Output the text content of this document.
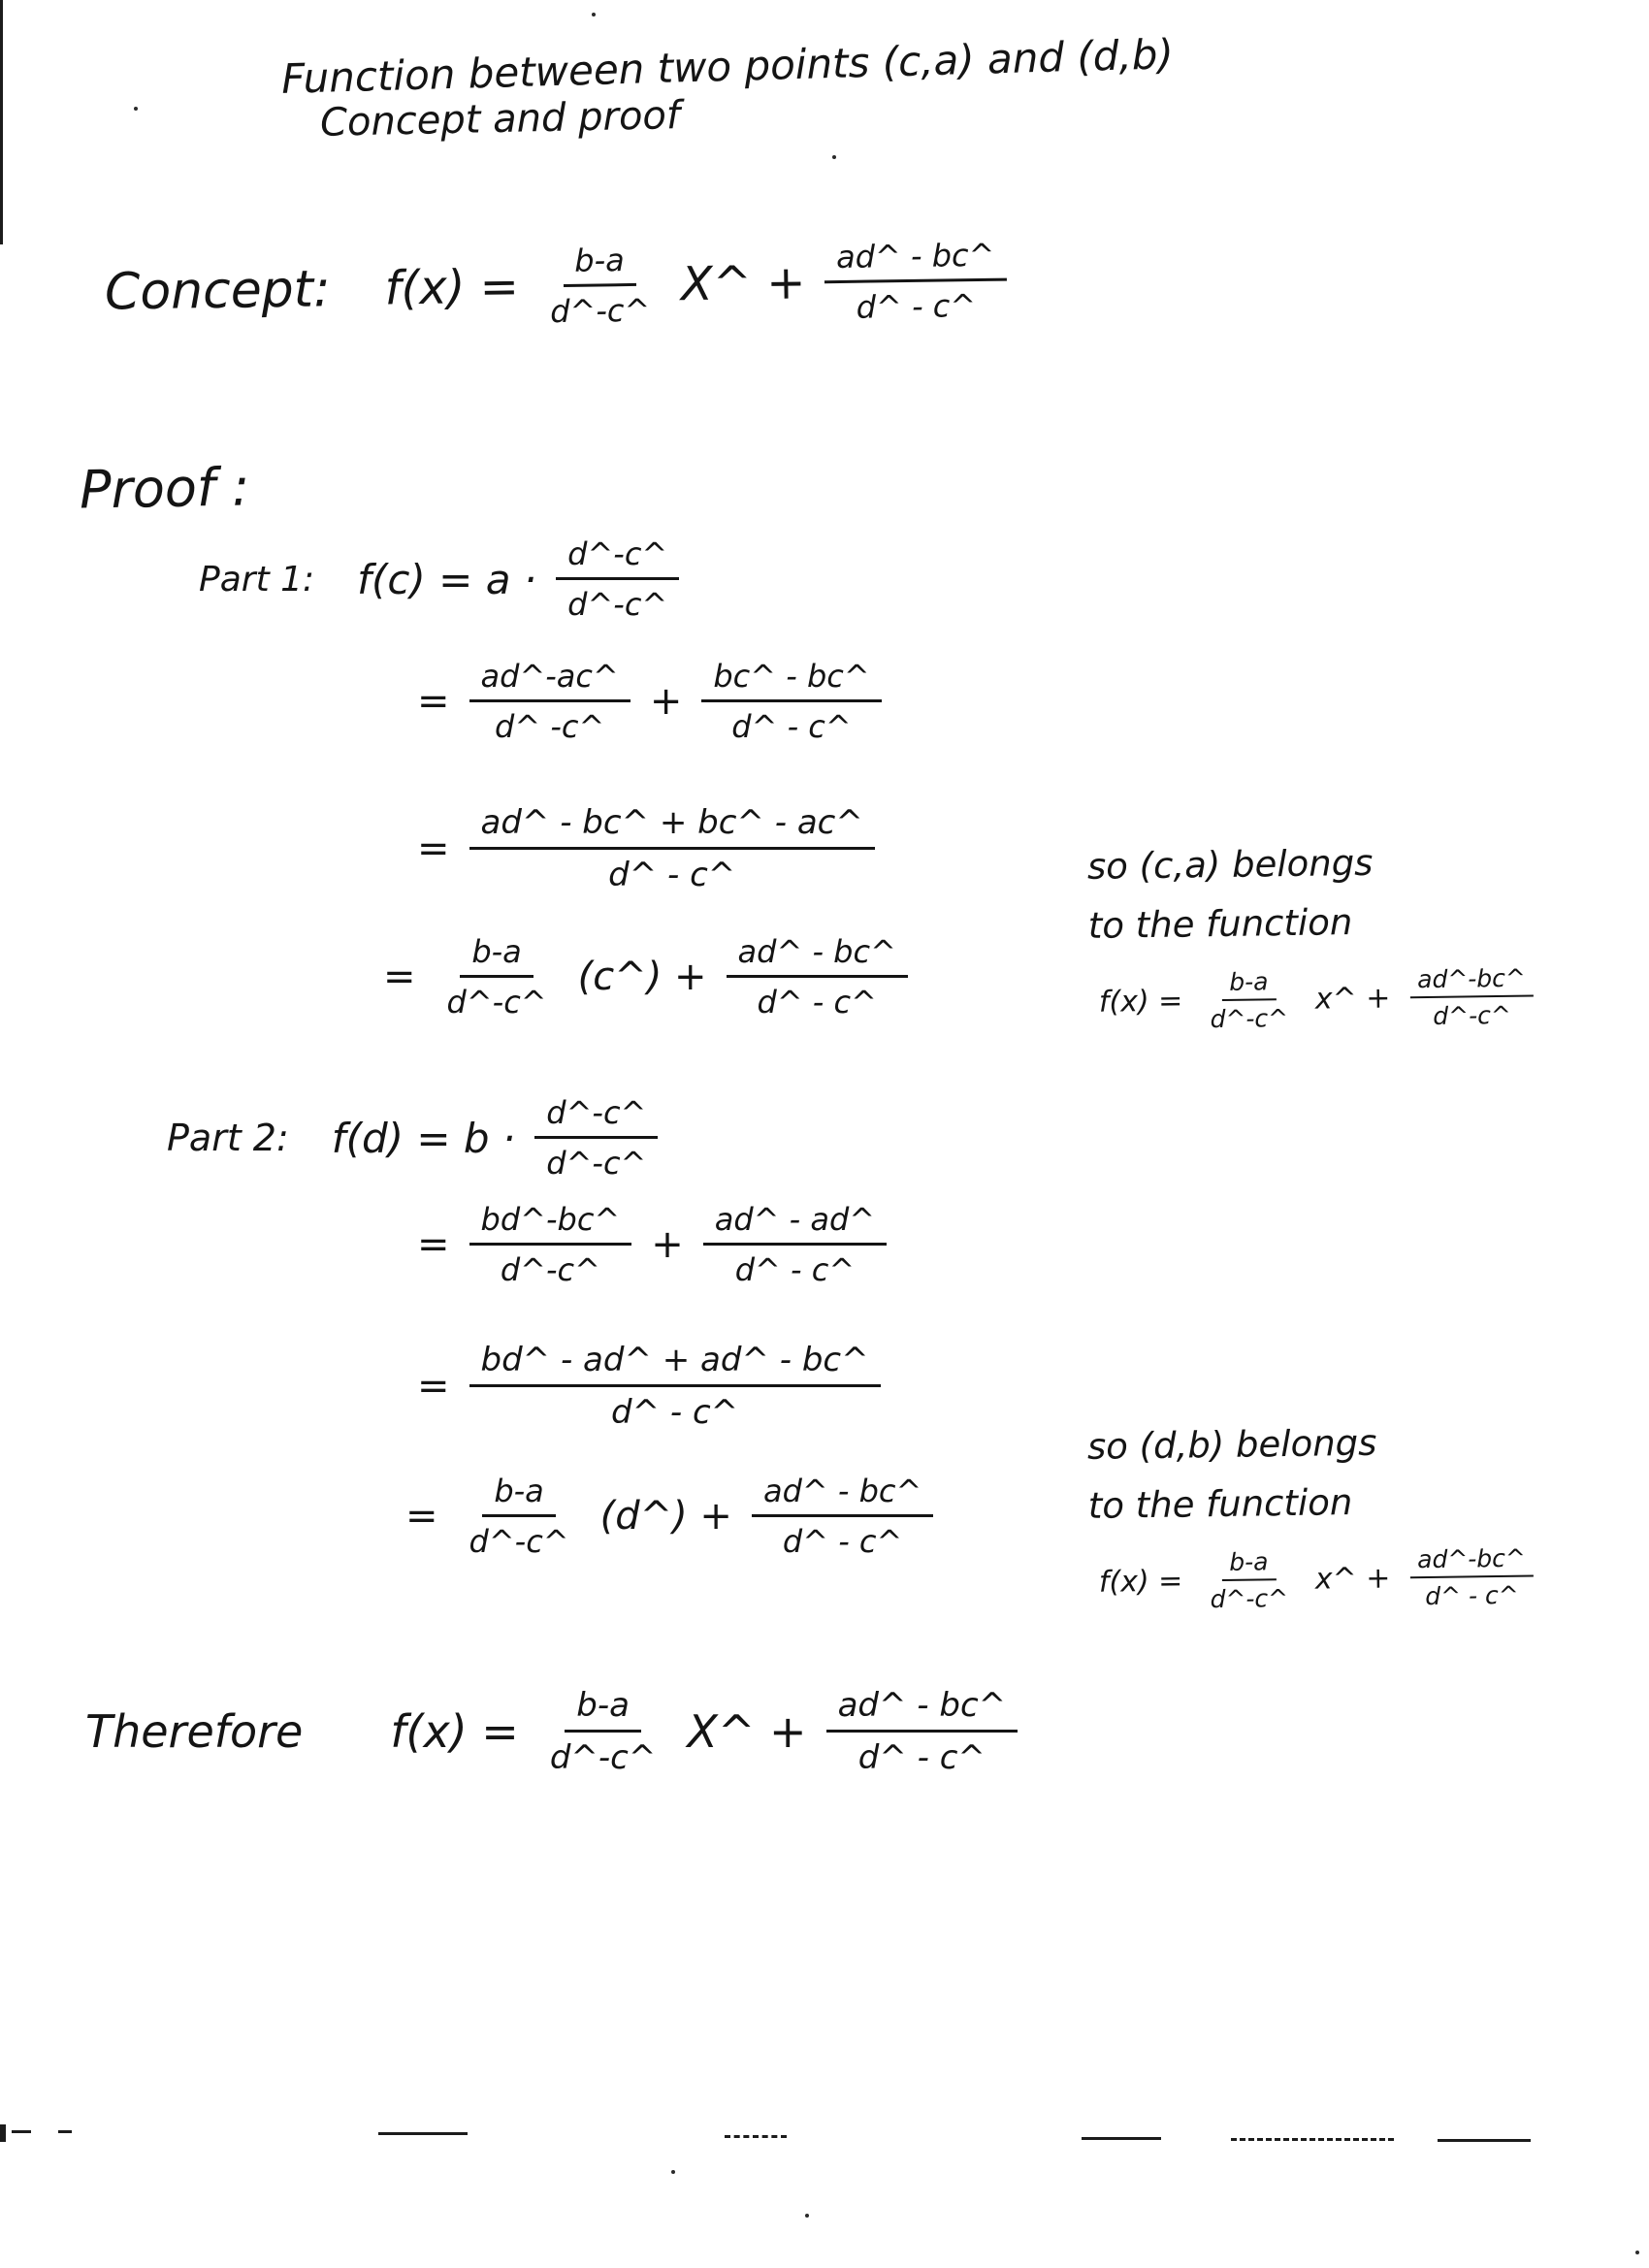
Function between two points (c,a) and (d,b)
Concept and proof
Concept: $f(x) = \frac{b-a}{d\^{}-c\^{}}$ X^ + $\frac{ad\^{} - bc\^{}}{d\^{} - c\^{}}$
Proof :
Part 1: $f(c) = a \cdot \frac{d\^{}-c\^{}}{d\^{}-c\^{}}$
= $\frac{ad\^{}-ac\^{}}{d\^{} -c\^{}} + \frac{bc\^{} - bc\^{}}{d\^{} - c\^{}}$
= $\frac{ad\^{} - bc\^{} + bc\^{} - ac\^{}}{d\^{} - c\^{}}$
= $\frac{b-a}{d\^{}-c\^{}}$ (c^) + $\frac{ad\^{} - bc\^{}}{d\^{} - c\^{}}$
so (c,a) belongs
to the function
$f(x) = \frac{b-a}{d\^{}-c\^{}}$ x^ + $\frac{ad\^{}-bc\^{}}{d\^{}-c\^{}}$
Part 2: $f(d) = b \cdot \frac{d\^{}-c\^{}}{d\^{}-c\^{}}$
= $\frac{bd\^{}-bc\^{}}{d\^{}-c\^{}} + \frac{ad\^{} - ad\^{}}{d\^{} - c\^{}}$
= $\frac{bd\^{} - ad\^{} + ad\^{} - bc\^{}}{d\^{} - c\^{}}$
= $\frac{b-a}{d\^{}-c\^{}}$ (d^) + $\frac{ad\^{} - bc\^{}}{d\^{} - c\^{}}$
so (d,b) belongs
to the function
$f(x) = \frac{b-a}{d\^{}-c\^{}}$ x^ + $\frac{ad\^{}-bc\^{}}{d\^{} - c\^{}}$
Therefore $f(x) = \frac{b-a}{d\^{}-c\^{}}$ X^ + $\frac{ad\^{} - bc\^{}}{d\^{} - c\^{}}$
